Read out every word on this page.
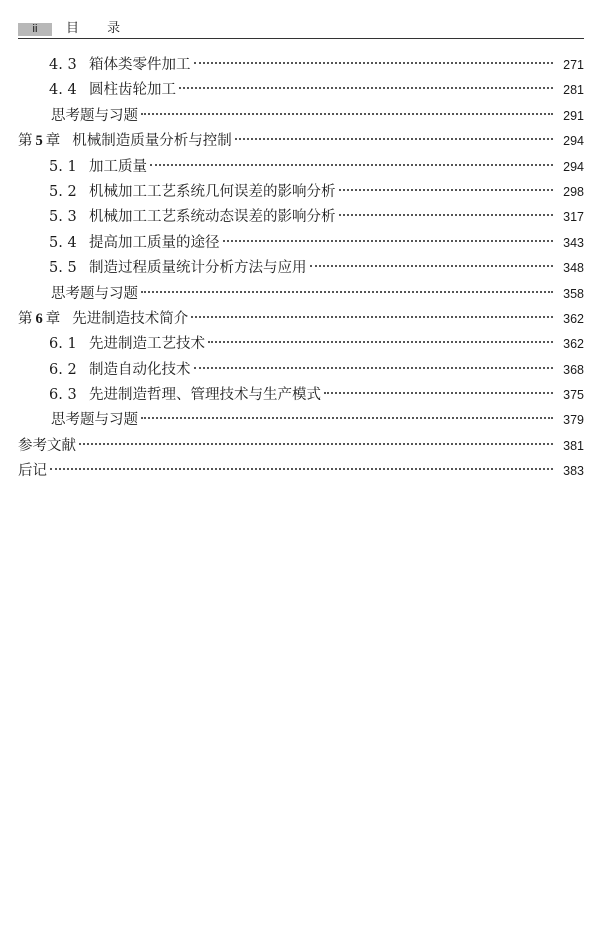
ii	目 录
4. 3 箱体类零件加工	271
4. 4 圆柱齿轮加工	281
思考题与习题	291
第 5 章 机械制造质量分析与控制	294
5. 1 加工质量	294
5. 2 机械加工工艺系统几何误差的影响分析	298
5. 3 机械加工工艺系统动态误差的影响分析	317
5. 4 提高加工质量的途径	343
5. 5 制造过程质量统计分析方法与应用	348
思考题与习题	358
第 6 章 先进制造技术简介	362
6. 1 先进制造工艺技术	362
6. 2 制造自动化技术	368
6. 3 先进制造哲理、管理技术与生产模式	375
思考题与习题	379
参考文献	381
后记	383
